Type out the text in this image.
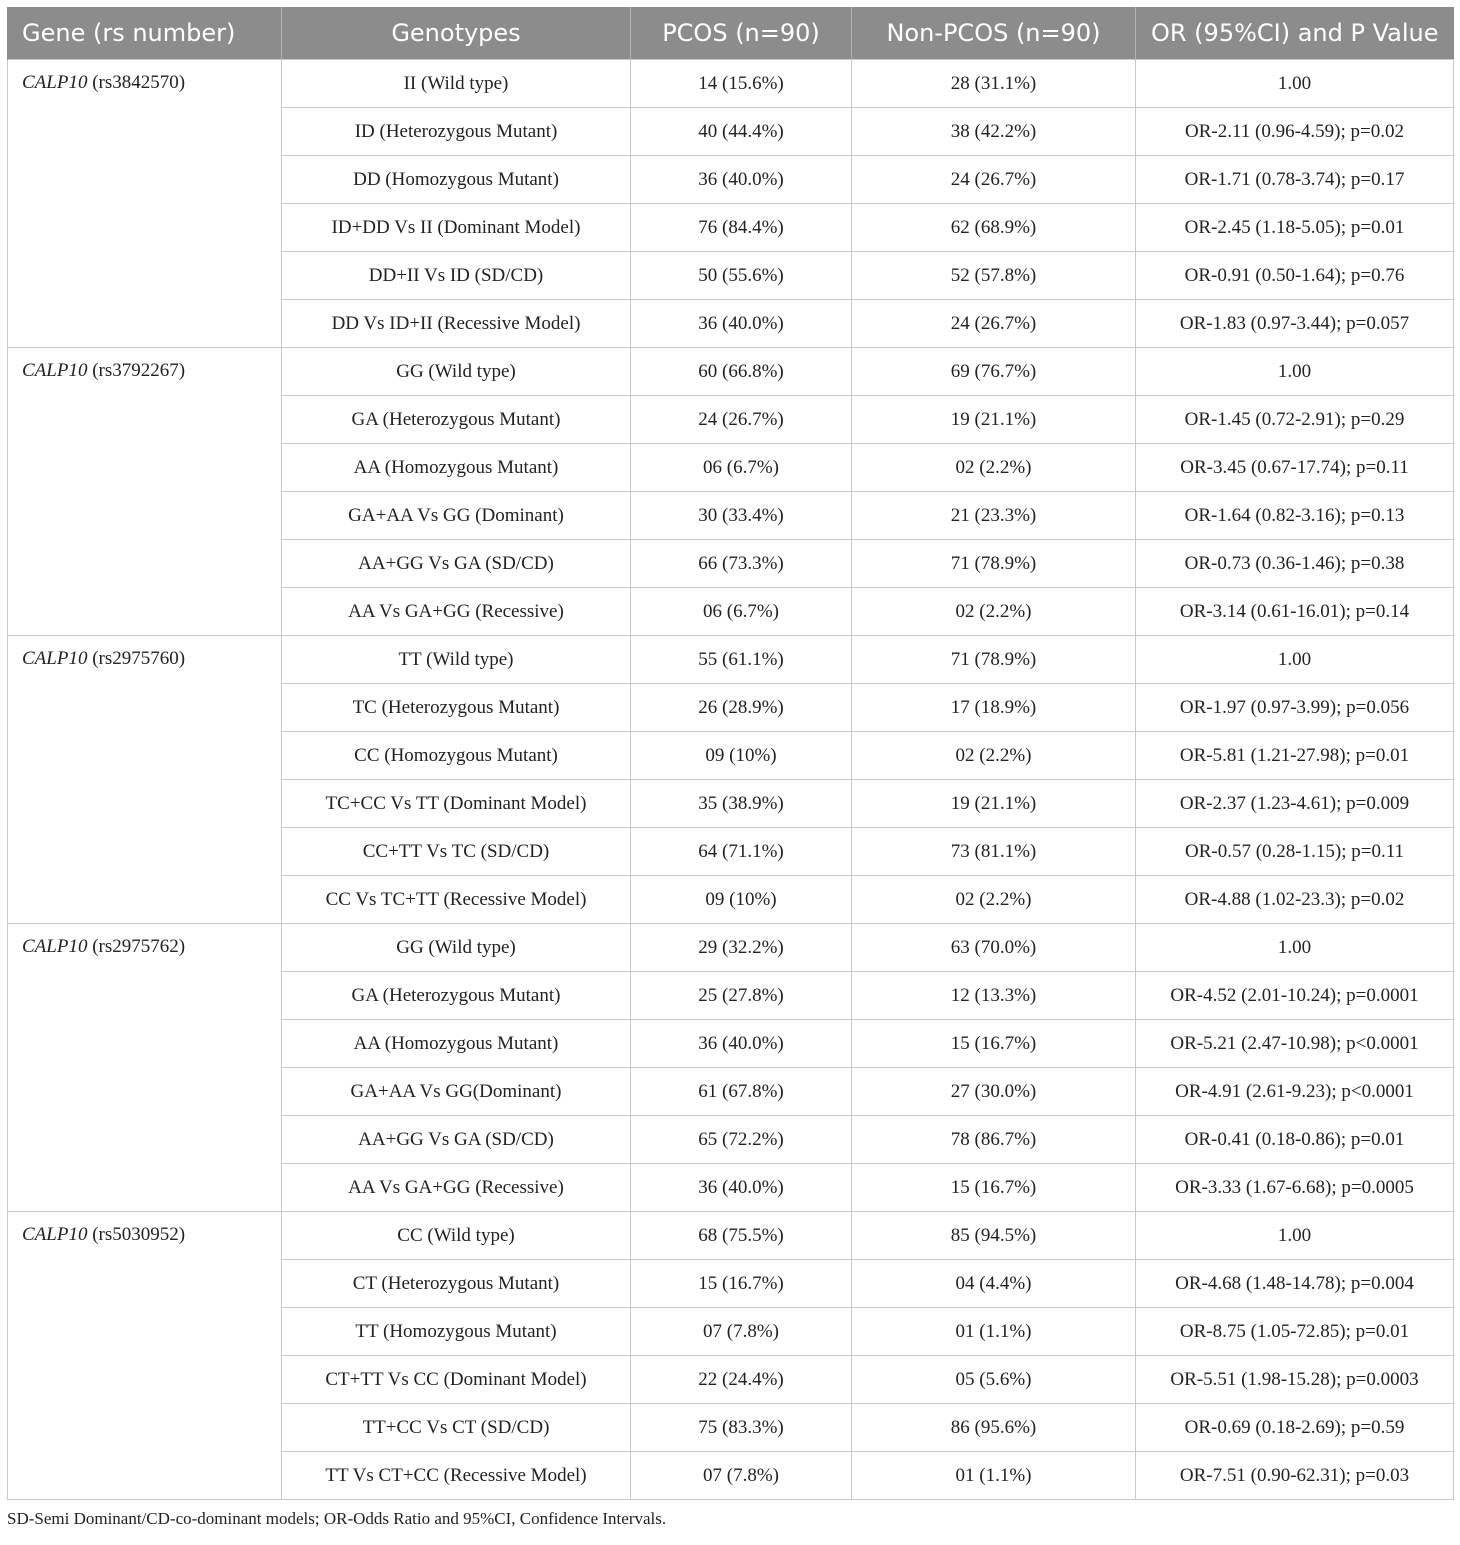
Gene (rs number)	Genotypes	PCOS (n=90)	Non-PCOS (n=90)	OR (95%CI) and P Value
CALP10 (rs3842570)	II (Wild type)	14 (15.6%)	28 (31.1%)	1.00
	ID (Heterozygous Mutant)	40 (44.4%)	38 (42.2%)	OR-2.11 (0.96-4.59); p=0.02
	DD (Homozygous Mutant)	36 (40.0%)	24 (26.7%)	OR-1.71 (0.78-3.74); p=0.17
	ID+DD Vs II (Dominant Model)	76 (84.4%)	62 (68.9%)	OR-2.45 (1.18-5.05); p=0.01
	DD+II Vs ID (SD/CD)	50 (55.6%)	52 (57.8%)	OR-0.91 (0.50-1.64); p=0.76
	DD Vs ID+II (Recessive Model)	36 (40.0%)	24 (26.7%)	OR-1.83 (0.97-3.44); p=0.057
CALP10 (rs3792267)	GG (Wild type)	60 (66.8%)	69 (76.7%)	1.00
	GA (Heterozygous Mutant)	24 (26.7%)	19 (21.1%)	OR-1.45 (0.72-2.91); p=0.29
	AA (Homozygous Mutant)	06 (6.7%)	02 (2.2%)	OR-3.45 (0.67-17.74); p=0.11
	GA+AA Vs GG (Dominant)	30 (33.4%)	21 (23.3%)	OR-1.64 (0.82-3.16); p=0.13
	AA+GG Vs GA (SD/CD)	66 (73.3%)	71 (78.9%)	OR-0.73 (0.36-1.46); p=0.38
	AA Vs GA+GG (Recessive)	06 (6.7%)	02 (2.2%)	OR-3.14 (0.61-16.01); p=0.14
CALP10 (rs2975760)	TT (Wild type)	55 (61.1%)	71 (78.9%)	1.00
	TC (Heterozygous Mutant)	26 (28.9%)	17 (18.9%)	OR-1.97 (0.97-3.99); p=0.056
	CC (Homozygous Mutant)	09 (10%)	02 (2.2%)	OR-5.81 (1.21-27.98); p=0.01
	TC+CC Vs TT (Dominant Model)	35 (38.9%)	19 (21.1%)	OR-2.37 (1.23-4.61); p=0.009
	CC+TT Vs TC (SD/CD)	64 (71.1%)	73 (81.1%)	OR-0.57 (0.28-1.15); p=0.11
	CC Vs TC+TT (Recessive Model)	09 (10%)	02 (2.2%)	OR-4.88 (1.02-23.3); p=0.02
CALP10 (rs2975762)	GG (Wild type)	29 (32.2%)	63 (70.0%)	1.00
	GA (Heterozygous Mutant)	25 (27.8%)	12 (13.3%)	OR-4.52 (2.01-10.24); p=0.0001
	AA (Homozygous Mutant)	36 (40.0%)	15 (16.7%)	OR-5.21 (2.47-10.98); p<0.0001
	GA+AA Vs GG(Dominant)	61 (67.8%)	27 (30.0%)	OR-4.91 (2.61-9.23); p<0.0001
	AA+GG Vs GA (SD/CD)	65 (72.2%)	78 (86.7%)	OR-0.41 (0.18-0.86); p=0.01
	AA Vs GA+GG (Recessive)	36 (40.0%)	15 (16.7%)	OR-3.33 (1.67-6.68); p=0.0005
CALP10 (rs5030952)	CC (Wild type)	68 (75.5%)	85 (94.5%)	1.00
	CT (Heterozygous Mutant)	15 (16.7%)	04 (4.4%)	OR-4.68 (1.48-14.78); p=0.004
	TT (Homozygous Mutant)	07 (7.8%)	01 (1.1%)	OR-8.75 (1.05-72.85); p=0.01
	CT+TT Vs CC (Dominant Model)	22 (24.4%)	05 (5.6%)	OR-5.51 (1.98-15.28); p=0.0003
	TT+CC Vs CT (SD/CD)	75 (83.3%)	86 (95.6%)	OR-0.69 (0.18-2.69); p=0.59
	TT Vs CT+CC (Recessive Model)	07 (7.8%)	01 (1.1%)	OR-7.51 (0.90-62.31); p=0.03
SD-Semi Dominant/CD-co-dominant models; OR-Odds Ratio and 95%CI, Confidence Intervals.
